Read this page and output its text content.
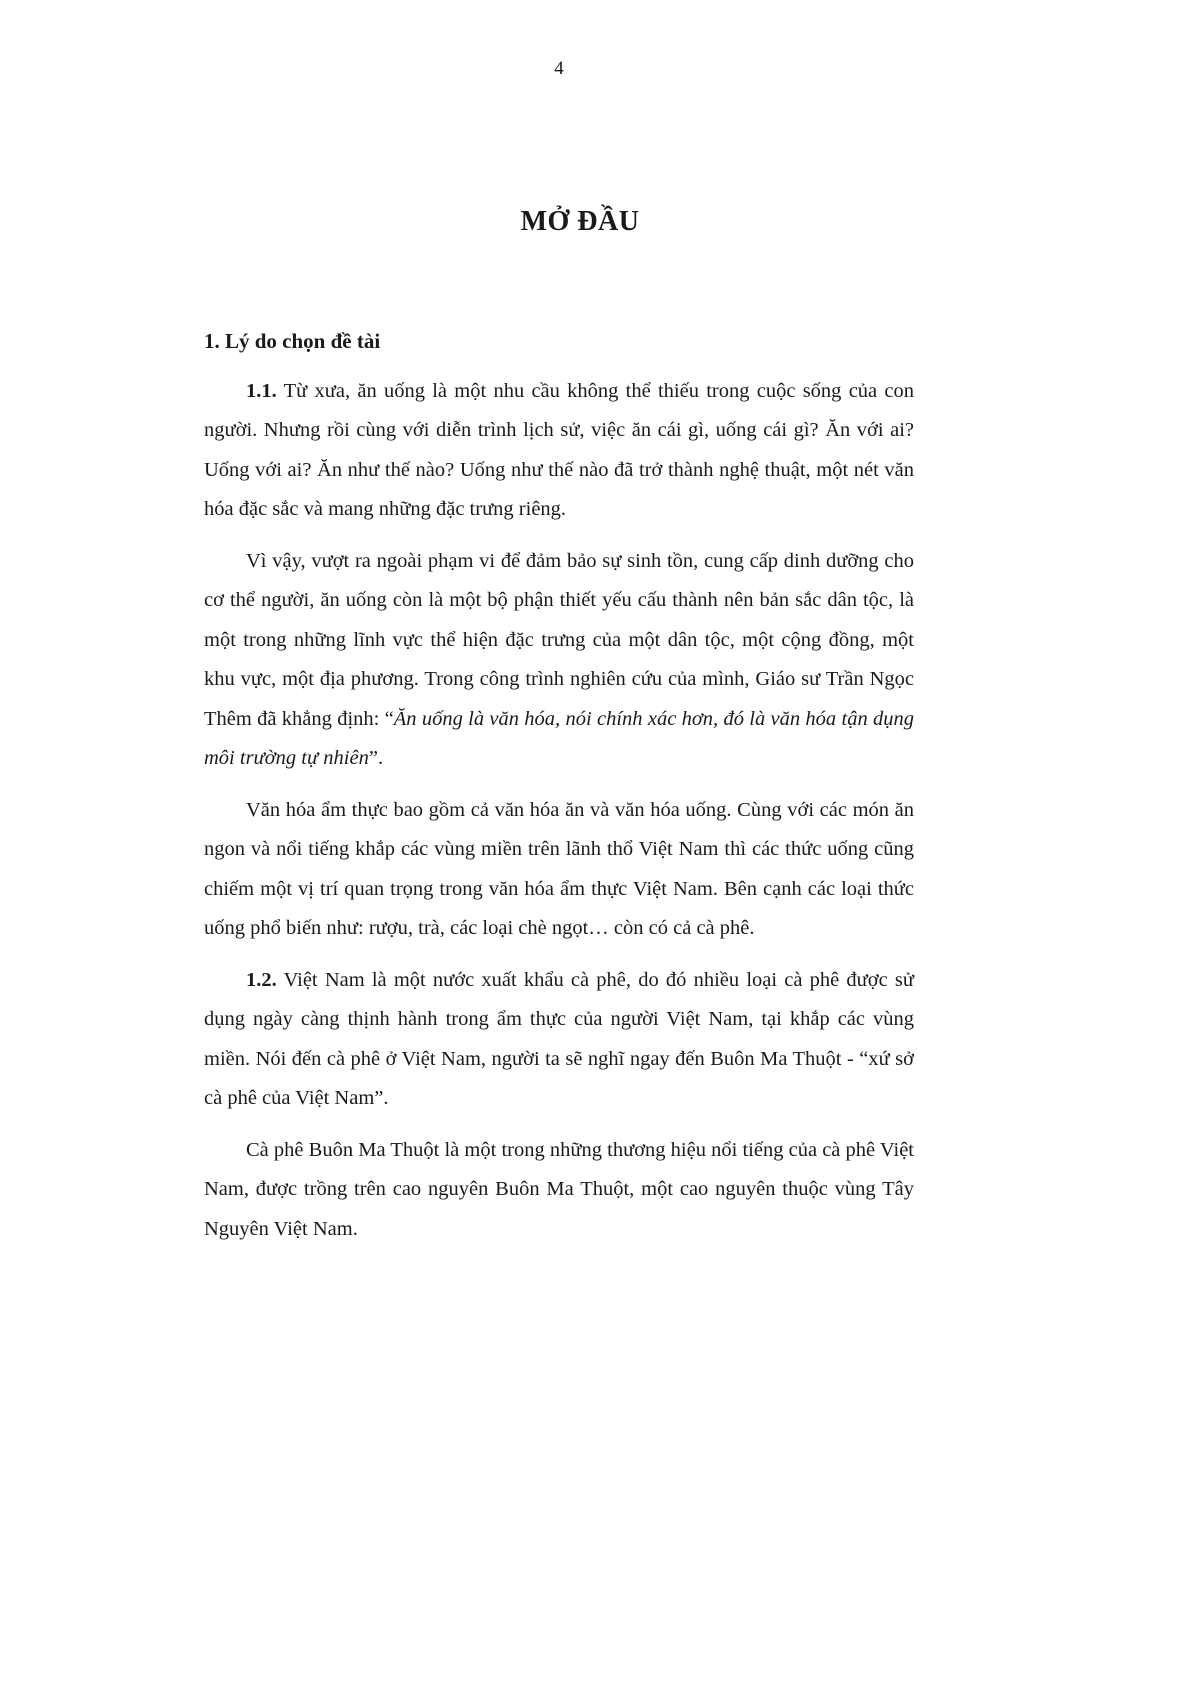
4
MỞ ĐẦU

1. Lý do chọn đề tài

1.1. Từ xưa, ăn uống là một nhu cầu không thể thiếu trong cuộc sống của con người. Nhưng rồi cùng với diễn trình lịch sử, việc ăn cái gì, uống cái gì? Ăn với ai? Uống với ai? Ăn như thế nào? Uống như thế nào đã trở thành nghệ thuật, một nét văn hóa đặc sắc và mang những đặc trưng riêng.

Vì vậy, vượt ra ngoài phạm vi để đảm bảo sự sinh tồn, cung cấp dinh dưỡng cho cơ thể người, ăn uống còn là một bộ phận thiết yếu cấu thành nên bản sắc dân tộc, là một trong những lĩnh vực thể hiện đặc trưng của một dân tộc, một cộng đồng, một khu vực, một địa phương. Trong công trình nghiên cứu của mình, Giáo sư Trần Ngọc Thêm đã khẳng định: “Ăn uống là văn hóa, nói chính xác hơn, đó là văn hóa tận dụng môi trường tự nhiên”.

Văn hóa ẩm thực bao gồm cả văn hóa ăn và văn hóa uống. Cùng với các món ăn ngon và nổi tiếng khắp các vùng miền trên lãnh thổ Việt Nam thì các thức uống cũng chiếm một vị trí quan trọng trong văn hóa ẩm thực Việt Nam. Bên cạnh các loại thức uống phổ biến như: rượu, trà, các loại chè ngọt… còn có cả cà phê.

1.2. Việt Nam là một nước xuất khẩu cà phê, do đó nhiều loại cà phê được sử dụng ngày càng thịnh hành trong ẩm thực của người Việt Nam, tại khắp các vùng miền. Nói đến cà phê ở Việt Nam, người ta sẽ nghĩ ngay đến Buôn Ma Thuột - “xứ sở cà phê của Việt Nam”.

Cà phê Buôn Ma Thuột là một trong những thương hiệu nổi tiếng của cà phê Việt Nam, được trồng trên cao nguyên Buôn Ma Thuột, một cao nguyên thuộc vùng Tây Nguyên Việt Nam.
